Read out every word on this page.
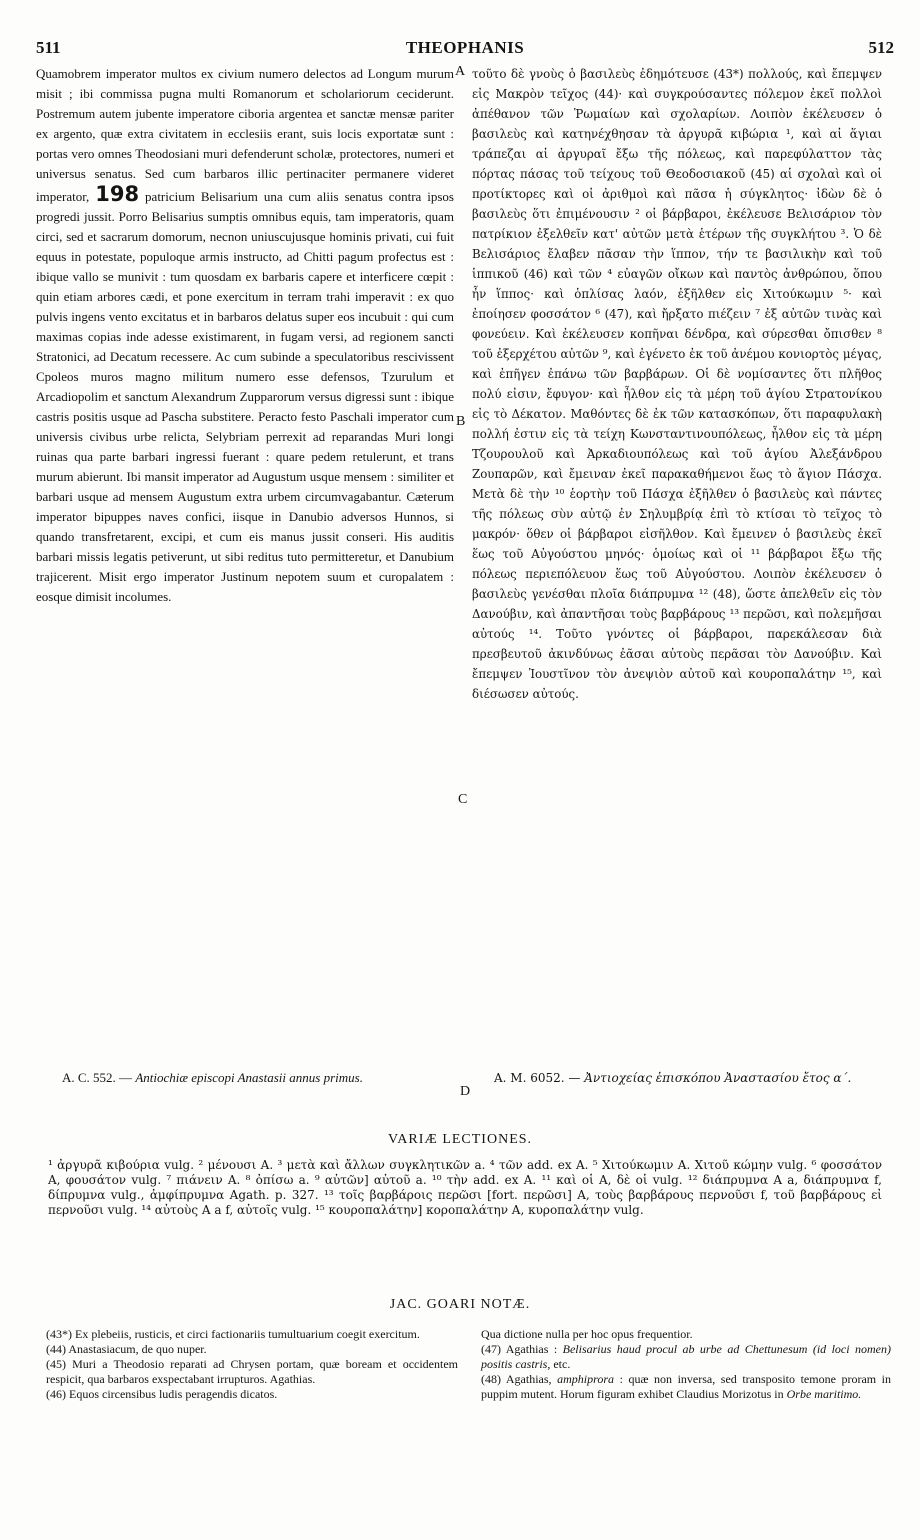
511	THEOPHANIS	512

Quamobrem imperator multos ex civium numero delectos ad Longum murum misit ; ibi commissa pugna multi Romanorum et scholariorum ceciderunt. Postremum autem jubente imperatore ciboria argentea et sanctæ mensæ pariter ex argento, quæ extra civitatem in ecclesiis erant, suis locis exportatæ sunt : portas vero omnes Theodosiani muri defenderunt scholæ, protectores, numeri et universus senatus. Sed cum barbaros illic pertinaciter permanere videret imperator, 198 patricium Belisarium una cum aliis senatus contra ipsos progredi jussit. Porro Belisarius sumptis omnibus equis, tam imperatoris, quam circi, sed et sacrarum domorum, necnon uniuscujusque hominis privati, cui fuit equus in potestate, populoque armis instructo, ad Chitti pagum profectus est : ibique vallo se munivit : tum quosdam ex barbaris capere et interficere cœpit : quin etiam arbores cædi, et pone exercitum in terram trahi imperavit : ex quo pulvis ingens vento excitatus et in barbaros delatus super eos incubuit : qui cum maximas copias inde adesse existimarent, in fugam versi, ad regionem sancti Stratonici, ad Decatum recessere. Ac cum subinde a speculatoribus rescivissent Cpoleos muros magno militum numero esse defensos, Tzurulum et Arcadiopolim et sanctum Alexandrum Zupparorum versus digressi sunt : ibique castris positis usque ad Pascha substitere. Peracto festo Paschali imperator cum universis civibus urbe relicta, Selybriam perrexit ad reparandas Muri longi ruinas qua parte barbari ingressi fuerant : quare pedem retulerunt, et trans murum abierunt. Ibi mansit imperator ad Augustum usque mensem : similiter et barbari usque ad mensem Augustum extra urbem circumvagabantur. Cæterum imperator bipuppes naves confici, iisque in Danubio adversos Hunnos, si quando transfretarent, excipi, et cum eis manus jussit conseri. His auditis barbari missis legatis petiverunt, ut sibi reditus tuto permitteretur, et Danubium trajicerent. Misit ergo imperator Justinum nepotem suum et curopalatem : eosque dimisit incolumes.

τοῦτο δὲ γνοὺς ὁ βασιλεὺς ἐδημότευσε (43*) πολλούς, καὶ ἔπεμψεν εἰς Μακρὸν τεῖχος (44)· καὶ συγκρούσαντες πόλεμον ἐκεῖ πολλοὶ ἀπέθανον τῶν Ῥωμαίων καὶ σχολαρίων. Λοιπὸν ἐκέλευσεν ὁ βασιλεὺς καὶ κατηνέχθησαν τὰ ἀργυρᾶ κιβώρια ¹, καὶ αἱ ἅγιαι τράπεζαι αἱ ἀργυραῖ ἔξω τῆς πόλεως, καὶ παρεφύλαττον τὰς πόρτας πάσας τοῦ τείχους τοῦ Θεοδοσιακοῦ (45) αἱ σχολαὶ καὶ οἱ προτίκτορες καὶ οἱ ἀριθμοὶ καὶ πᾶσα ἡ σύγκλητος· ἰδὼν δὲ ὁ βασιλεὺς ὅτι ἐπιμένουσιν ² οἱ βάρβαροι, ἐκέλευσε Βελισάριον τὸν πατρίκιον ἐξελθεῖν κατ' αὐτῶν μετὰ ἑτέρων τῆς συγκλήτου ³. Ὁ δὲ Βελισάριος ἔλαβεν πᾶσαν τὴν ἵππον, τήν τε βασιλικὴν καὶ τοῦ ἱππικοῦ (46) καὶ τῶν ⁴ εὐαγῶν οἴκων καὶ παντὸς ἀνθρώπου, ὅπου ἦν ἵππος· καὶ ὁπλίσας λαόν, ἐξῆλθεν εἰς Χιτούκωμιν ⁵· καὶ ἐποίησεν φοσσάτον ⁶ (47), καὶ ἤρξατο πιέζειν ⁷ ἐξ αὐτῶν τινὰς καὶ φονεύειν. Καὶ ἐκέλευσεν κοπῆναι δένδρα, καὶ σύρεσθαι ὄπισθεν ⁸ τοῦ ἐξερχέτου αὐτῶν ⁹, καὶ ἐγένετο ἐκ τοῦ ἀνέμου κονιορτὸς μέγας, καὶ ἐπῆγεν ἐπάνω τῶν βαρβάρων. Οἱ δὲ νομίσαντες ὅτι πλῆθος πολύ εἰσιν, ἔφυγον· καὶ ἦλθον εἰς τὰ μέρη τοῦ ἁγίου Στρατονίκου εἰς τὸ Δέκατον. Μαθόντες δὲ ἐκ τῶν κατασκόπων, ὅτι παραφυλακὴ πολλή ἐστιν εἰς τὰ τείχη Κωνσταντινουπόλεως, ἦλθον εἰς τὰ μέρη Τζουρουλοῦ καὶ Ἀρκαδιουπόλεως καὶ τοῦ ἁγίου Ἀλεξάνδρου Ζουπαρῶν, καὶ ἔμειναν ἐκεῖ παρακαθήμενοι ἕως τὸ ἅγιον Πάσχα. Μετὰ δὲ τὴν ¹⁰ ἑορτὴν τοῦ Πάσχα ἐξῆλθεν ὁ βασιλεὺς καὶ πάντες τῆς πόλεως σὺν αὐτῷ ἐν Σηλυμβρίᾳ ἐπὶ τὸ κτίσαι τὸ τεῖχος τὸ μακρόν· ὅθεν οἱ βάρβαροι εἰσῆλθον. Καὶ ἔμεινεν ὁ βασιλεὺς ἐκεῖ ἕως τοῦ Αὐγούστου μηνός· ὁμοίως καὶ οἱ ¹¹ βάρβαροι ἔξω τῆς πόλεως περιεπόλευον ἕως τοῦ Αὐγούστου. Λοιπὸν ἐκέλευσεν ὁ βασιλεὺς γενέσθαι πλοῖα διάπρυμνα ¹² (48), ὥστε ἀπελθεῖν εἰς τὸν Δανούβιν, καὶ ἀπαντῆσαι τοὺς βαρβάρους ¹³ περῶσι, καὶ πολεμῆσαι αὐτούς ¹⁴. Τοῦτο γνόντες οἱ βάρβαροι, παρεκάλεσαν διὰ πρεσβευτοῦ ἀκινδύνως ἐᾶσαι αὐτοὺς περᾶσαι τὸν Δανούβιν. Καὶ ἔπεμψεν Ἰουστῖνον τὸν ἀνεψιὸν αὐτοῦ καὶ κουροπαλάτην ¹⁵, καὶ διέσωσεν αὐτούς.

A
B
C
D
A. C. 552. — Antiochiæ episcopi Anastasii annus primus.	A. M. 6052. — Ἀντιοχείας ἐπισκόπου Ἀναστασίου ἔτος α΄.
VARIÆ LECTIONES.

¹ ἀργυρᾶ κιβούρια vulg. ² μένουσι A. ³ μετὰ καὶ ἄλλων συγκλητικῶν a. ⁴ τῶν add. ex A. ⁵ Χιτούκωμιν A. Χιτοῦ κώμην vulg. ⁶ φοσσάτον A, φουσάτον vulg. ⁷ πιάνειν A. ⁸ ὀπίσω a. ⁹ αὐτῶν] αὐτοῦ a. ¹⁰ τὴν add. ex A. ¹¹ καὶ οἱ A, δὲ οἱ vulg. ¹² διάπρυμνα A a, διάπρυμνα f, δίπρυμνα vulg., ἀμφίπρυμνα Agath. p. 327. ¹³ τοῖς βαρβάροις περῶσι [fort. περῶσι] A, τοὺς βαρβάρους περνοῦσι f, τοῦ βαρβάρους εἰ περνοῦσι vulg. ¹⁴ αὐτοὺς A a f, αὐτοῖς vulg. ¹⁵ κουροπαλάτην] κοροπαλάτην A, κυροπαλάτην vulg.

JAC. GOARI NOTÆ.

(43*) Ex plebeiis, rusticis, et circi factionariis tumultuarium coegit exercitum.

(44) Anastasiacum, de quo nuper.

(45) Muri a Theodosio reparati ad Chrysen portam, quæ boream et occidentem respicit, qua barbaros exspectabant irrupturos. Agathias.

(46) Equos circensibus ludis peragendis dicatos.

Qua dictione nulla per hoc opus frequentior.

(47) Agathias : Belisarius haud procul ab urbe ad Chettunesum (id loci nomen) positis castris, etc.

(48) Agathias, amphiprora : quæ non inversa, sed transposito temone proram in puppim mutent. Horum figuram exhibet Claudius Morizotus in Orbe maritimo.
